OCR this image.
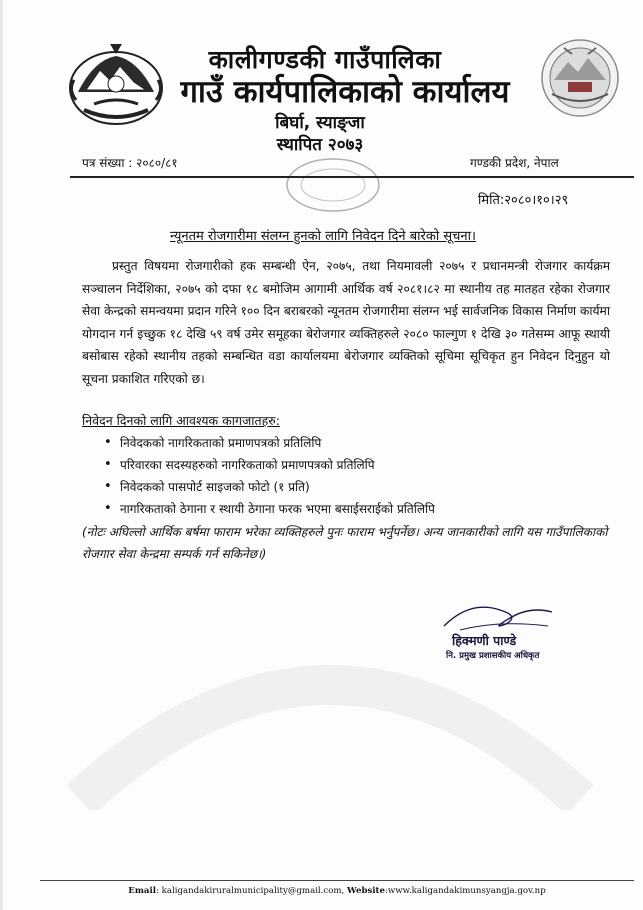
कालीगण्डकी गाउँपालिका
गाउँ कार्यपालिकाको कार्यालय
बिर्घा, स्याङ्जा
स्थापित २०७३
पत्र संख्या : २०८०/८१	गण्डकी प्रदेश, नेपाल
मिति:२०८०।१०।२९
न्यूनतम रोजगारीमा संलग्न हुनको लागि निवेदन दिने बारेको सूचना।
प्रस्तुत विषयमा रोजगारीको हक सम्बन्धी ऐन, २०७५, तथा नियमावली २०७५ र प्रधानमन्त्री रोजगार कार्यक्रम सञ्चालन निर्देशिका, २०७५ को दफा १८ बमोजिम आगामी आर्थिक वर्ष २०८१।८२ मा स्थानीय तह मातहत रहेका रोजगार सेवा केन्द्रको समन्वयमा प्रदान गरिने १०० दिन बराबरको न्यूनतम रोजगारीमा संलग्न भई सार्वजनिक विकास निर्माण कार्यमा योगदान गर्न इच्छुक १८ देखि ५९ वर्ष उमेर समूहका बेरोजगार व्यक्तिहरुले २०८० फाल्गुण १ देखि ३० गतेसम्म आफू स्थायी बसोबास रहेको स्थानीय तहको सम्बन्धित वडा कार्यालयमा बेरोजगार व्यक्तिको सूचिमा सूचिकृत हुन निवेदन दिनुहुन यो सूचना प्रकाशित गरिएको छ।
निवेदन दिनको लागि आवश्यक कागजातहरु:
• निवेदकको नागरिकताको प्रमाणपत्रको प्रतिलिपि
• परिवारका सदस्यहरुको नागरिकताको प्रमाणपत्रको प्रतिलिपि
• निवेदकको पासपोर्ट साइजको फोटो (१ प्रति)
• नागरिकताको ठेगाना र स्थायी ठेगाना फरक भएमा बसाईसराईको प्रतिलिपि
(नोटः अघिल्लो आर्थिक बर्षमा फाराम भरेका व्यक्तिहरुले पुनः फाराम भर्नुपर्नेछ। अन्य जानकारीको लागि यस गाउँपालिकाको रोजगार सेवा केन्द्रमा सम्पर्क गर्न सकिनेछ।)
हिक्मणी पाण्डे
नि. प्रमुख प्रशासकीय अधिकृत
Email: kaligandakiruralmunicipality@gmail.com, Website:www.kaligandakimunsyangja.gov.np
